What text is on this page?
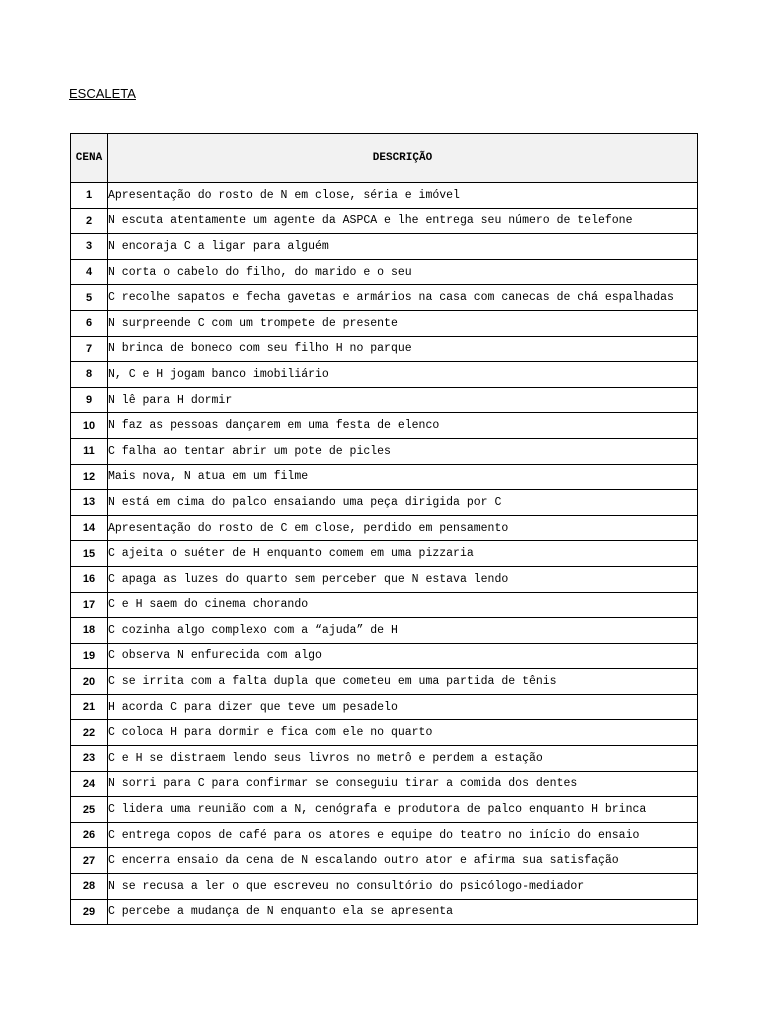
ESCALETA
CENA	DESCRIÇÃO
1	Apresentação do rosto de N em close, séria e imóvel
2	N escuta atentamente um agente da ASPCA e lhe entrega seu número de telefone
3	N encoraja C a ligar para alguém
4	N corta o cabelo do filho, do marido e o seu
5	C recolhe sapatos e fecha gavetas e armários na casa com canecas de chá espalhadas
6	N surpreende C com um trompete de presente
7	N brinca de boneco com seu filho H no parque
8	N, C e H jogam banco imobiliário
9	N lê para H dormir
10	N faz as pessoas dançarem em uma festa de elenco
11	C falha ao tentar abrir um pote de picles
12	Mais nova, N atua em um filme
13	N está em cima do palco ensaiando uma peça dirigida por C
14	Apresentação do rosto de C em close, perdido em pensamento
15	C ajeita o suéter de H enquanto comem em uma pizzaria
16	C apaga as luzes do quarto sem perceber que N estava lendo
17	C e H saem do cinema chorando
18	C cozinha algo complexo com a “ajuda” de H
19	C observa N enfurecida com algo
20	C se irrita com a falta dupla que cometeu em uma partida de tênis
21	H acorda C para dizer que teve um pesadelo
22	C coloca H para dormir e fica com ele no quarto
23	C e H se distraem lendo seus livros no metrô e perdem a estação
24	N sorri para C para confirmar se conseguiu tirar a comida dos dentes
25	C lidera uma reunião com a N, cenógrafa e produtora de palco enquanto H brinca
26	C entrega copos de café para os atores e equipe do teatro no início do ensaio
27	C encerra ensaio da cena de N escalando outro ator e afirma sua satisfação
28	N se recusa a ler o que escreveu no consultório do psicólogo-mediador
29	C percebe a mudança de N enquanto ela se apresenta
